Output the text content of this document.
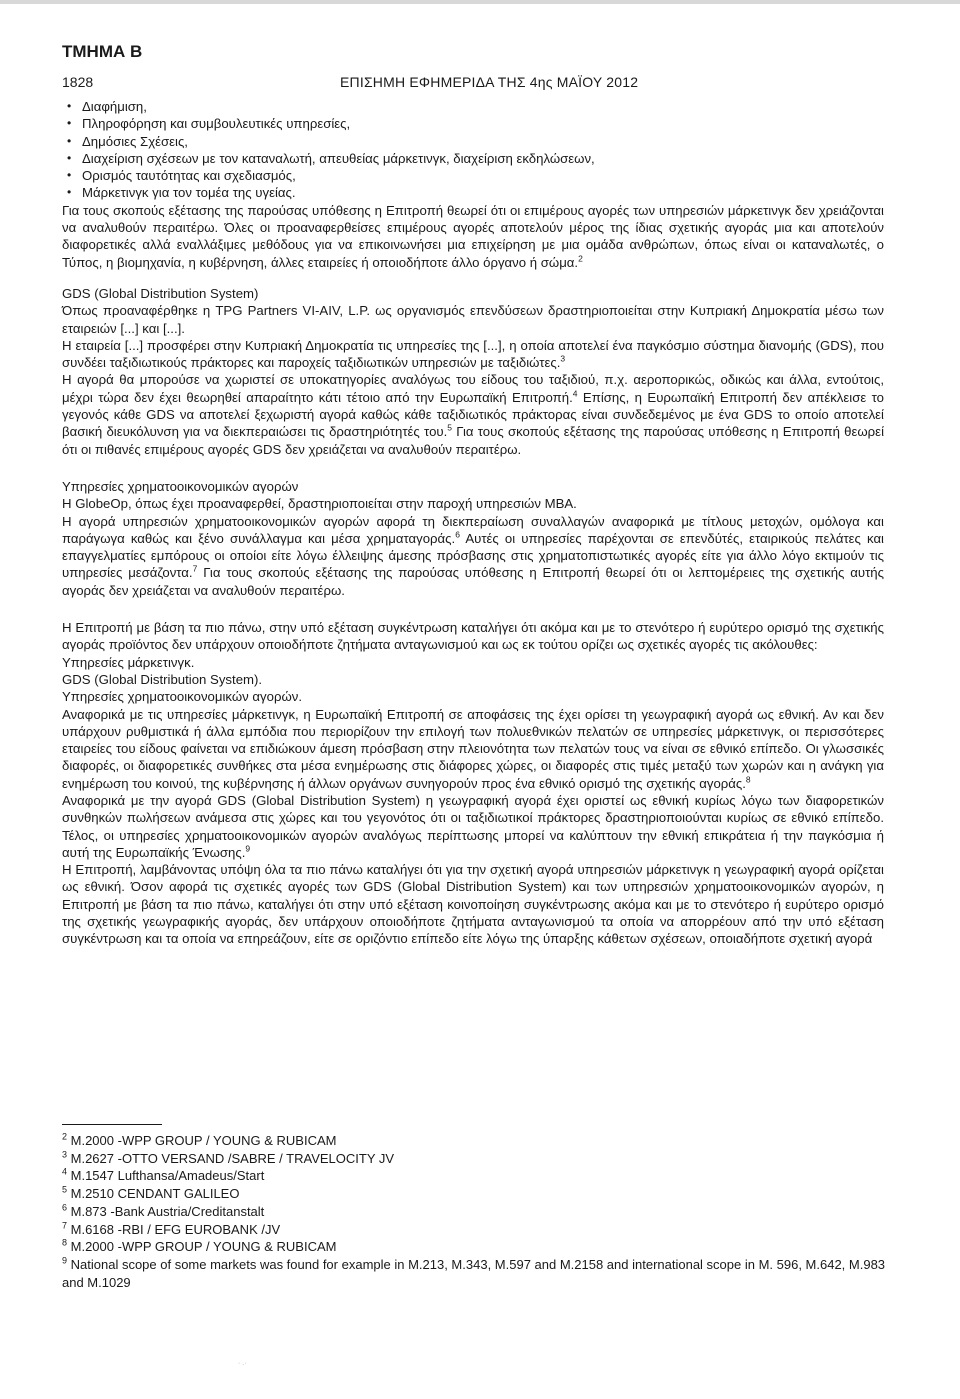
ΤΜΗΜΑ Β
1828	ΕΠΙΣΗΜΗ ΕΦΗΜΕΡΙΔΑ ΤΗΣ 4ης ΜΑΪΟΥ 2012
• Διαφήμιση,
• Πληροφόρηση και συμβουλευτικές υπηρεσίες,
• Δημόσιες Σχέσεις,
• Διαχείριση σχέσεων με τον καταναλωτή, απευθείας μάρκετινγκ, διαχείριση εκδηλώσεων,
• Ορισμός ταυτότητας και σχεδιασμός,
• Μάρκετινγκ για τον τομέα της υγείας.

Για τους σκοπούς εξέτασης της παρούσας υπόθεσης η Επιτροπή θεωρεί ότι οι επιμέρους αγορές των υπηρεσιών μάρκετινγκ δεν χρειάζονται να αναλυθούν περαιτέρω. Όλες οι προαναφερθείσες επιμέρους αγορές αποτελούν μέρος της ίδιας σχετικής αγοράς μια και αποτελούν διαφορετικές αλλά εναλλάξιμες μεθόδους για να επικοινωνήσει μια επιχείρηση με μια ομάδα ανθρώπων, όπως είναι οι καταναλωτές, ο Τύπος, η βιομηχανία, η κυβέρνηση, άλλες εταιρείες ή οποιοδήποτε άλλο όργανο ή σώμα.$^2$

GDS (Global Distribution System)

Όπως προαναφέρθηκε η TPG Partners VI-AIV, L.P. ως οργανισμός επενδύσεων δραστηριοποιείται στην Κυπριακή Δημοκρατία μέσω των εταιρειών [...] και [...].

Η εταιρεία [...] προσφέρει στην Κυπριακή Δημοκρατία τις υπηρεσίες της [...], η οποία αποτελεί ένα παγκόσμιο σύστημα διανομής (GDS), που συνδέει ταξιδιωτικούς πράκτορες και παροχείς ταξιδιωτικών υπηρεσιών με ταξιδιώτες.$^3$

Η αγορά θα μπορούσε να χωριστεί σε υποκατηγορίες αναλόγως του είδους του ταξιδιού, π.χ. αεροπορικώς, οδικώς και άλλα, εντούτοις, μέχρι τώρα δεν έχει θεωρηθεί απαραίτητο κάτι τέτοιο από την Ευρωπαϊκή Επιτροπή.$^4$ Επίσης, η Ευρωπαϊκή Επιτροπή δεν απέκλεισε το γεγονός κάθε GDS να αποτελεί ξεχωριστή αγορά καθώς κάθε ταξιδιωτικός πράκτορας είναι συνδεδεμένος με ένα GDS το οποίο αποτελεί βασική διευκόλυνση για να διεκπεραιώσει τις δραστηριότητές του.$^5$ Για τους σκοπούς εξέτασης της παρούσας υπόθεσης η Επιτροπή θεωρεί ότι οι πιθανές επιμέρους αγορές GDS δεν χρειάζεται να αναλυθούν περαιτέρω.

Υπηρεσίες χρηματοοικονομικών αγορών

Η GlobeOp, όπως έχει προαναφερθεί, δραστηριοποιείται στην παροχή υπηρεσιών MBA.

Η αγορά υπηρεσιών χρηματοοικονομικών αγορών αφορά τη διεκπεραίωση συναλλαγών αναφορικά με τίτλους μετοχών, ομόλογα και παράγωγα καθώς και ξένο συνάλλαγμα και μέσα χρηματαγοράς.$^6$ Αυτές οι υπηρεσίες παρέχονται σε επενδύτές, εταιρικούς πελάτες και επαγγελματίες εμπόρους οι οποίοι είτε λόγω έλλειψης άμεσης πρόσβασης στις χρηματοπιστωτικές αγορές είτε για άλλο λόγο εκτιμούν τις υπηρεσίες μεσάζοντα.$^7$ Για τους σκοπούς εξέτασης της παρούσας υπόθεσης η Επιτροπή θεωρεί ότι οι λεπτομέρειες της σχετικής αυτής αγοράς δεν χρειάζεται να αναλυθούν περαιτέρω.

Η Επιτροπή με βάση τα πιο πάνω, στην υπό εξέταση συγκέντρωση καταλήγει ότι ακόμα και με το στενότερο ή ευρύτερο ορισμό της σχετικής αγοράς προϊόντος δεν υπάρχουν οποιοδήποτε ζητήματα ανταγωνισμού και ως εκ τούτου ορίζει ως σχετικές αγορές τις ακόλουθες:

Υπηρεσίες μάρκετινγκ.

GDS (Global Distribution System).

Υπηρεσίες χρηματοοικονομικών αγορών.

Αναφορικά με τις υπηρεσίες μάρκετινγκ, η Ευρωπαϊκή Επιτροπή σε αποφάσεις της έχει ορίσει τη γεωγραφική αγορά ως εθνική. Αν και δεν υπάρχουν ρυθμιστικά ή άλλα εμπόδια που περιορίζουν την επιλογή των πολυεθνικών πελατών σε υπηρεσίες μάρκετινγκ, οι περισσότερες εταιρείες του είδους φαίνεται να επιδιώκουν άμεση πρόσβαση στην πλειονότητα των πελατών τους να είναι σε εθνικό επίπεδο. Οι γλωσσικές διαφορές, οι διαφορετικές συνθήκες στα μέσα ενημέρωσης στις διάφορες χώρες, οι διαφορές στις τιμές μεταξύ των χωρών και η ανάγκη για ενημέρωση του κοινού, της κυβέρνησης ή άλλων οργάνων συνηγορούν προς ένα εθνικό ορισμό της σχετικής αγοράς.$^8$

Αναφορικά με την αγορά GDS (Global Distribution System) η γεωγραφική αγορά έχει οριστεί ως εθνική κυρίως λόγω των διαφορετικών συνθηκών πωλήσεων ανάμεσα στις χώρες και του γεγονότος ότι οι ταξιδιωτικοί πράκτορες δραστηριοποιούνται κυρίως σε εθνικό επίπεδο. Τέλος, οι υπηρεσίες χρηματοοικονομικών αγορών αναλόγως περίπτωσης μπορεί να καλύπτουν την εθνική επικράτεια ή την παγκόσμια ή αυτή της Ευρωπαϊκής Ένωσης.$^9$

Η Επιτροπή, λαμβάνοντας υπόψη όλα τα πιο πάνω καταλήγει ότι για την σχετική αγορά υπηρεσιών μάρκετινγκ η γεωγραφική αγορά ορίζεται ως εθνική. Όσον αφορά τις σχετικές αγορές των GDS (Global Distribution System) και των υπηρεσιών χρηματοοικονομικών αγορών, η Επιτροπή με βάση τα πιο πάνω, καταλήγει ότι στην υπό εξέταση κοινοποίηση συγκέντρωσης ακόμα και με το στενότερο ή ευρύτερο ορισμό της σχετικής γεωγραφικής αγοράς, δεν υπάρχουν οποιοδήποτε ζητήματα ανταγωνισμού τα οποία να απορρέουν από την υπό εξέταση συγκέντρωση και τα οποία να επηρεάζουν, είτε σε οριζόντιο επίπεδο είτε λόγω της ύπαρξης κάθετων σχέσεων, οποιαδήποτε σχετική αγορά

$^2$ M.2000 -WPP GROUP / YOUNG & RUBICAM

$^3$ M.2627 -OTTO VERSAND /SABRE / TRAVELOCITY JV

$^4$ M.1547 Lufthansa/Amadeus/Start

$^5$ M.2510 CENDANT GALILEO

$^6$ M.873 -Bank Austria/Creditanstalt

$^7$ M.6168 -RBI / EFG EUROBANK /JV

$^8$ M.2000 -WPP GROUP / YOUNG & RUBICAM

$^9$ National scope of some markets was found for example in M.213, M.343, M.597 and M.2158 and international scope in M. 596, M.642, M.983 and M.1029

· .·
